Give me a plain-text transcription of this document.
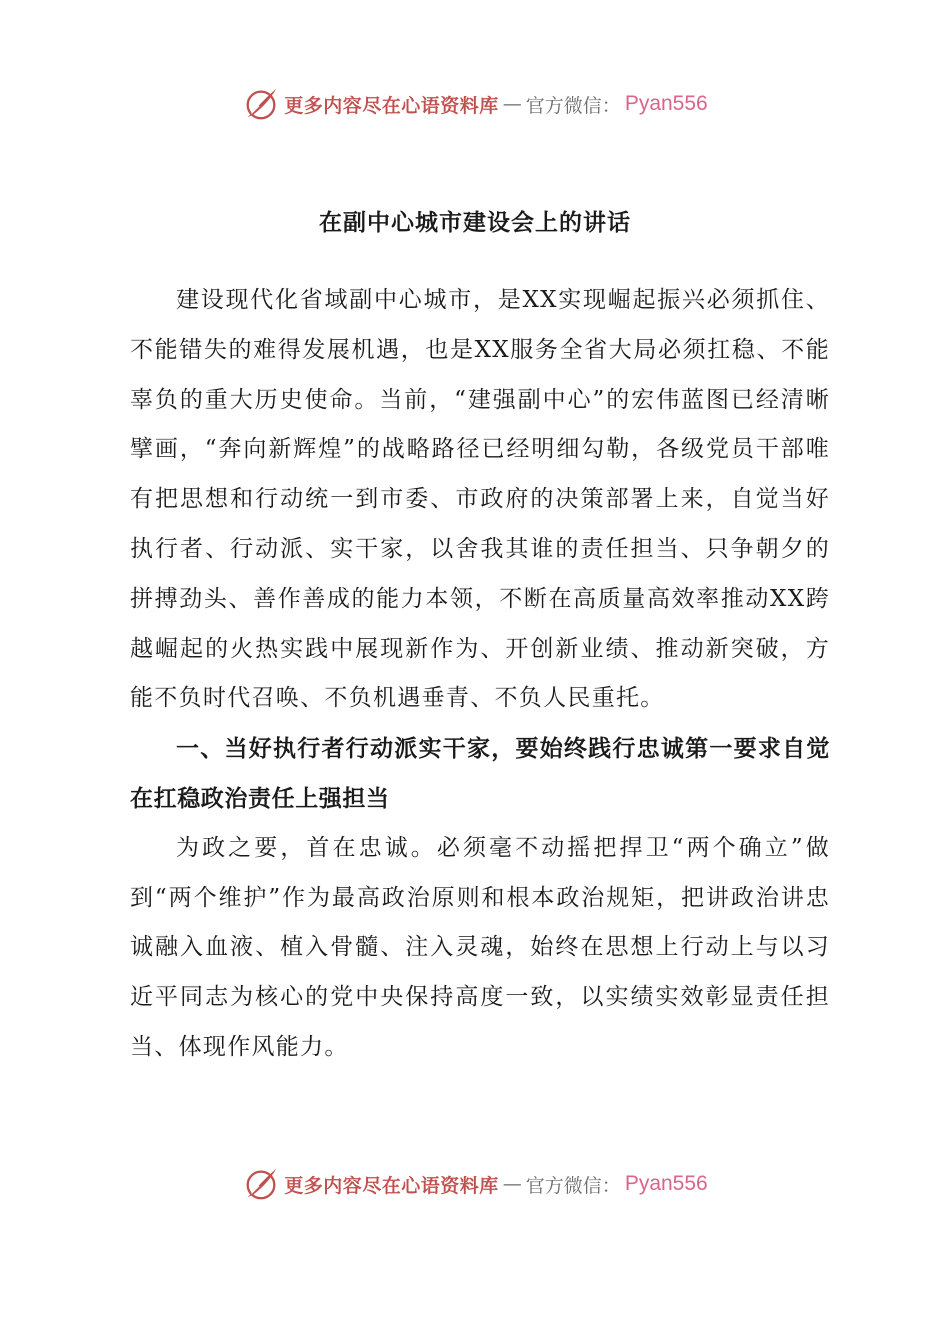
更多内容尽在心语资料库 — 官方微信： Pyan556
在副中心城市建设会上的讲话

建设现代化省域副中心城市，是XX实现崛起振兴必须抓住、不能错失的难得发展机遇，也是XX服务全省大局必须扛稳、不能辜负的重大历史使命。当前，“建强副中心”的宏伟蓝图已经清晰擘画，“奔向新辉煌”的战略路径已经明细勾勒，各级党员干部唯有把思想和行动统一到市委、市政府的决策部署上来，自觉当好执行者、行动派、实干家，以舍我其谁的责任担当、只争朝夕的拼搏劲头、善作善成的能力本领，不断在高质量高效率推动XX跨越崛起的火热实践中展现新作为、开创新业绩、推动新突破，方能不负时代召唤、不负机遇垂青、不负人民重托。

一、当好执行者行动派实干家，要始终践行忠诚第一要求自觉在扛稳政治责任上强担当

为政之要，首在忠诚。必须毫不动摇把捍卫“两个确立”做到“两个维护”作为最高政治原则和根本政治规矩，把讲政治讲忠诚融入血液、植入骨髓、注入灵魂，始终在思想上行动上与以习近平同志为核心的党中央保持高度一致，以实绩实效彰显责任担当、体现作风能力。

更多内容尽在心语资料库 — 官方微信： Pyan556
